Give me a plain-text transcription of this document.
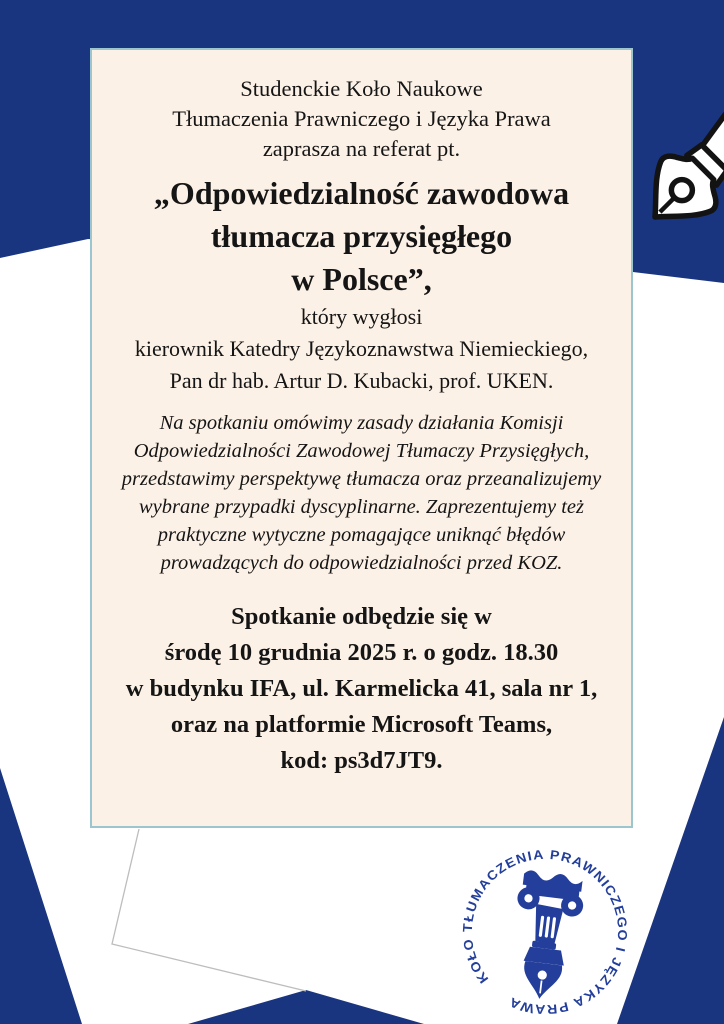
Studenckie Koło Naukowe
Tłumaczenia Prawniczego i Języka Prawa
zaprasza na referat pt.
„Odpowiedzialność zawodowa
tłumacza przysięgłego
w Polsce”,
który wygłosi
kierownik Katedry Językoznawstwa Niemieckiego,
Pan dr hab. Artur D. Kubacki, prof. UKEN.
Na spotkaniu omówimy zasady działania Komisji
Odpowiedzialności Zawodowej Tłumaczy Przysięgłych,
przedstawimy perspektywę tłumacza oraz przeanalizujemy
wybrane przypadki dyscyplinarne. Zaprezentujemy też
praktyczne wytyczne pomagające uniknąć błędów
prowadzących do odpowiedzialności przed KOZ.
Spotkanie odbędzie się w
środę 10 grudnia 2025 r. o godz. 18.30
w budynku IFA, ul. Karmelicka 41, sala nr 1,
oraz na platformie Microsoft Teams,
kod: ps3d7JT9.
KOŁO TŁUMACZENIA PRAWNICZEGO I JĘZYKA PRAWA
